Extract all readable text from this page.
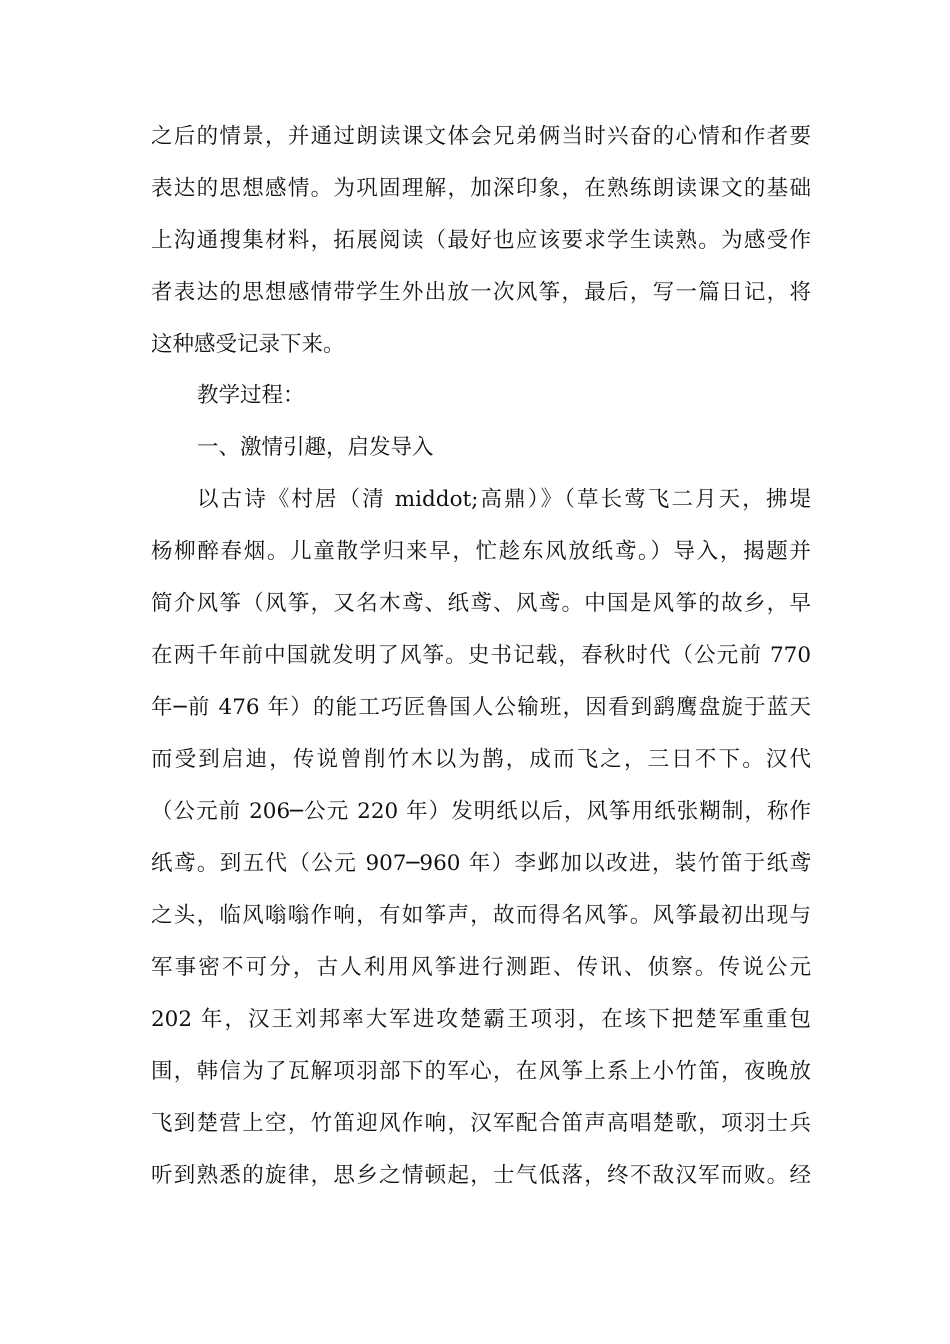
之后的情景，并通过朗读课文体会兄弟俩当时兴奋的心情和作者要
表达的思想感情。为巩固理解，加深印象，在熟练朗读课文的基础
上沟通搜集材料，拓展阅读（最好也应该要求学生读熟。为感受作
者表达的思想感情带学生外出放一次风筝，最后，写一篇日记，将
这种感受记录下来。
教学过程：
一、激情引趣，启发导入
以古诗《村居（清 middot;高鼎）》（草长莺飞二月天，拂堤
杨柳醉春烟。儿童散学归来早，忙趁东风放纸鸢。）导入，揭题并
简介风筝（风筝，又名木鸢、纸鸢、风鸢。中国是风筝的故乡，早
在两千年前中国就发明了风筝。史书记载，春秋时代（公元前 770
年─前 476 年）的能工巧匠鲁国人公输班，因看到鹞鹰盘旋于蓝天
而受到启迪，传说曾削竹木以为鹊，成而飞之，三日不下。汉代
（公元前 206─公元 220 年）发明纸以后，风筝用纸张糊制，称作
纸鸢。到五代（公元 907─960 年）李邺加以改进，装竹笛于纸鸢
之头，临风嗡嗡作响，有如筝声，故而得名风筝。风筝最初出现与
军事密不可分，古人利用风筝进行测距、传讯、侦察。传说公元
202 年，汉王刘邦率大军进攻楚霸王项羽，在垓下把楚军重重包
围，韩信为了瓦解项羽部下的军心，在风筝上系上小竹笛，夜晚放
飞到楚营上空，竹笛迎风作响，汉军配合笛声高唱楚歌，项羽士兵
听到熟悉的旋律，思乡之情顿起，士气低落，终不敌汉军而败。经
